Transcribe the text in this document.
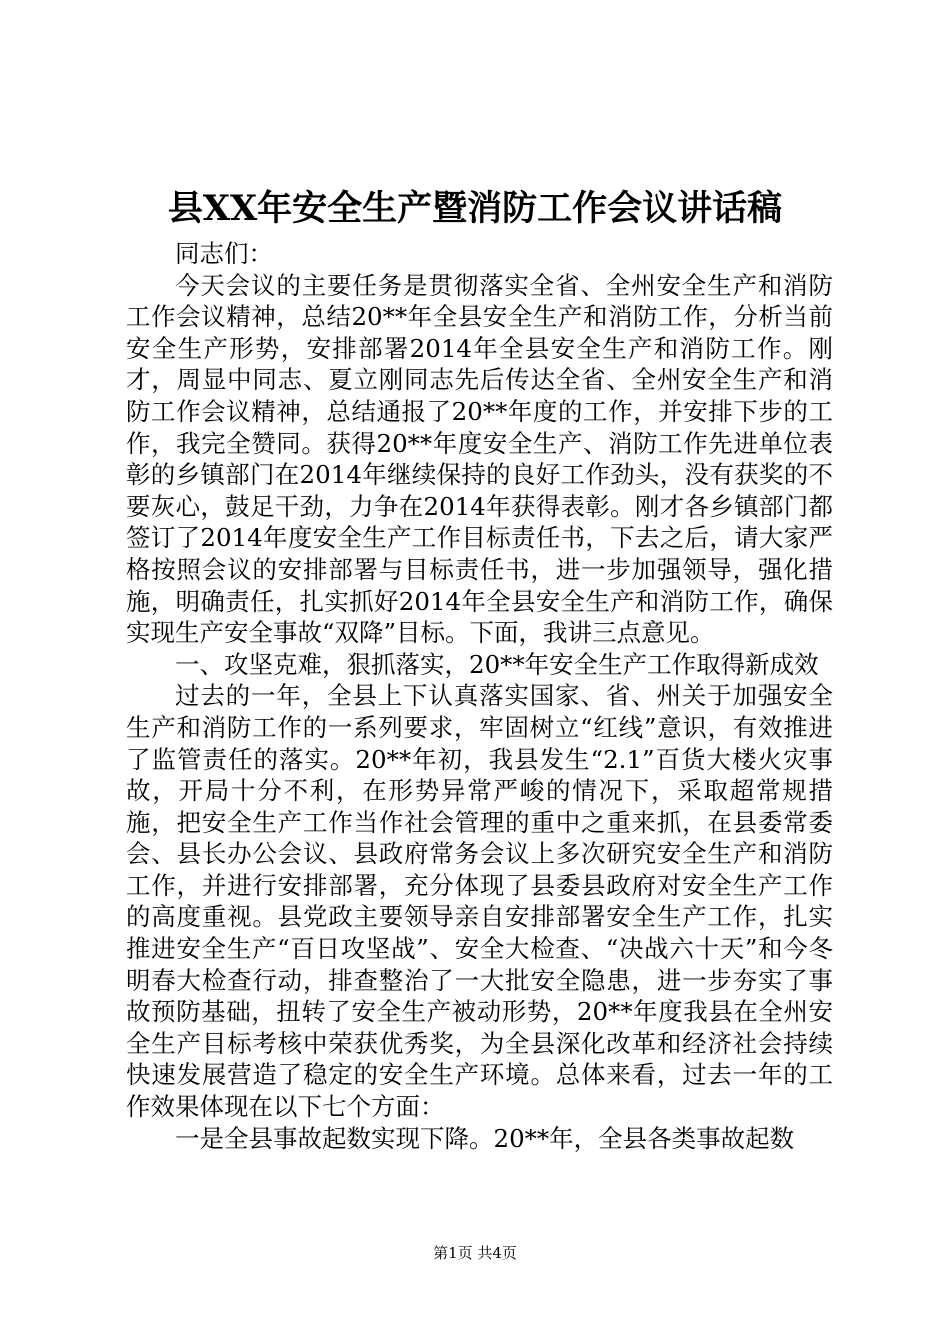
县XX年安全生产暨消防工作会议讲话稿

同志们：

今天会议的主要任务是贯彻落实全省、全州安全生产和消防工作会议精神，总结20**年全县安全生产和消防工作，分析当前安全生产形势，安排部署2014年全县安全生产和消防工作。刚才，周显中同志、夏立刚同志先后传达全省、全州安全生产和消防工作会议精神，总结通报了20**年度的工作，并安排下步的工作，我完全赞同。获得20**年度安全生产、消防工作先进单位表彰的乡镇部门在2014年继续保持的良好工作劲头，没有获奖的不要灰心，鼓足干劲，力争在2014年获得表彰。刚才各乡镇部门都签订了2014年度安全生产工作目标责任书，下去之后，请大家严格按照会议的安排部署与目标责任书，进一步加强领导，强化措施，明确责任，扎实抓好2014年全县安全生产和消防工作，确保实现生产安全事故“双降”目标。下面，我讲三点意见。

一、攻坚克难，狠抓落实，20**年安全生产工作取得新成效

过去的一年，全县上下认真落实国家、省、州关于加强安全生产和消防工作的一系列要求，牢固树立“红线”意识，有效推进了监管责任的落实。20**年初，我县发生“2.1”百货大楼火灾事故，开局十分不利，在形势异常严峻的情况下，采取超常规措施，把安全生产工作当作社会管理的重中之重来抓，在县委常委会、县长办公会议、县政府常务会议上多次研究安全生产和消防工作，并进行安排部署，充分体现了县委县政府对安全生产工作的高度重视。县党政主要领导亲自安排部署安全生产工作，扎实推进安全生产“百日攻坚战”、安全大检查、“决战六十天”和今冬明春大检查行动，排查整治了一大批安全隐患，进一步夯实了事故预防基础，扭转了安全生产被动形势，20**年度我县在全州安全生产目标考核中荣获优秀奖，为全县深化改革和经济社会持续快速发展营造了稳定的安全生产环境。总体来看，过去一年的工作效果体现在以下七个方面：

一是全县事故起数实现下降。20**年，全县各类事故起数

第1页 共4页
